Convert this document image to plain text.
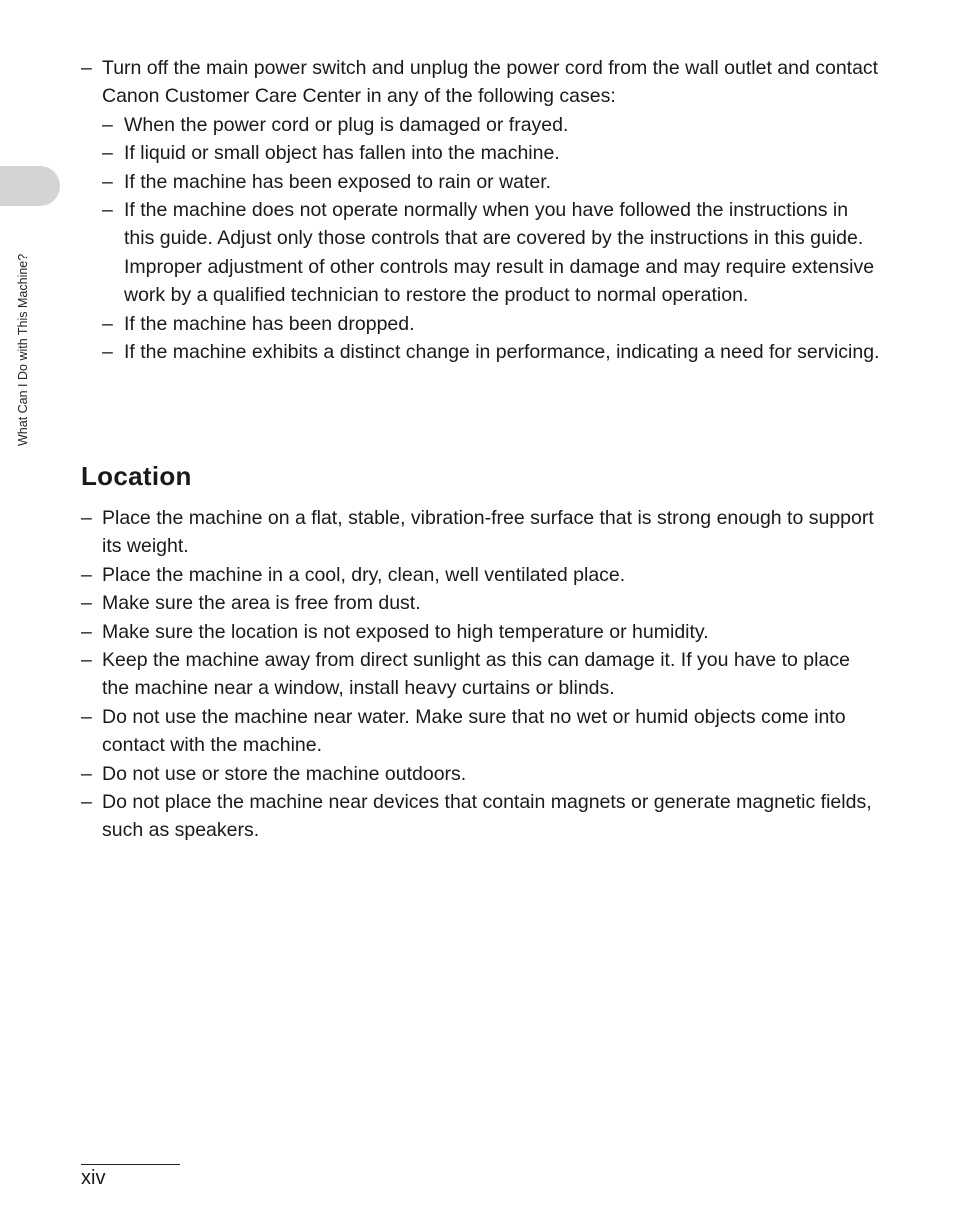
What Can I Do with This Machine?
– Turn off the main power switch and unplug the power cord from the wall outlet and contact Canon Customer Care Center in any of the following cases:
– When the power cord or plug is damaged or frayed.
– If liquid or small object has fallen into the machine.
– If the machine has been exposed to rain or water.
– If the machine does not operate normally when you have followed the instructions in this guide. Adjust only those controls that are covered by the instructions in this guide. Improper adjustment of other controls may result in damage and may require extensive work by a qualified technician to restore the product to normal operation.
– If the machine has been dropped.
– If the machine exhibits a distinct change in performance, indicating a need for servicing.
Location
– Place the machine on a flat, stable, vibration-free surface that is strong enough to support its weight.
– Place the machine in a cool, dry, clean, well ventilated place.
– Make sure the area is free from dust.
– Make sure the location is not exposed to high temperature or humidity.
– Keep the machine away from direct sunlight as this can damage it. If you have to place the machine near a window, install heavy curtains or blinds.
– Do not use the machine near water. Make sure that no wet or humid objects come into contact with the machine.
– Do not use or store the machine outdoors.
– Do not place the machine near devices that contain magnets or generate magnetic fields, such as speakers.
xiv
